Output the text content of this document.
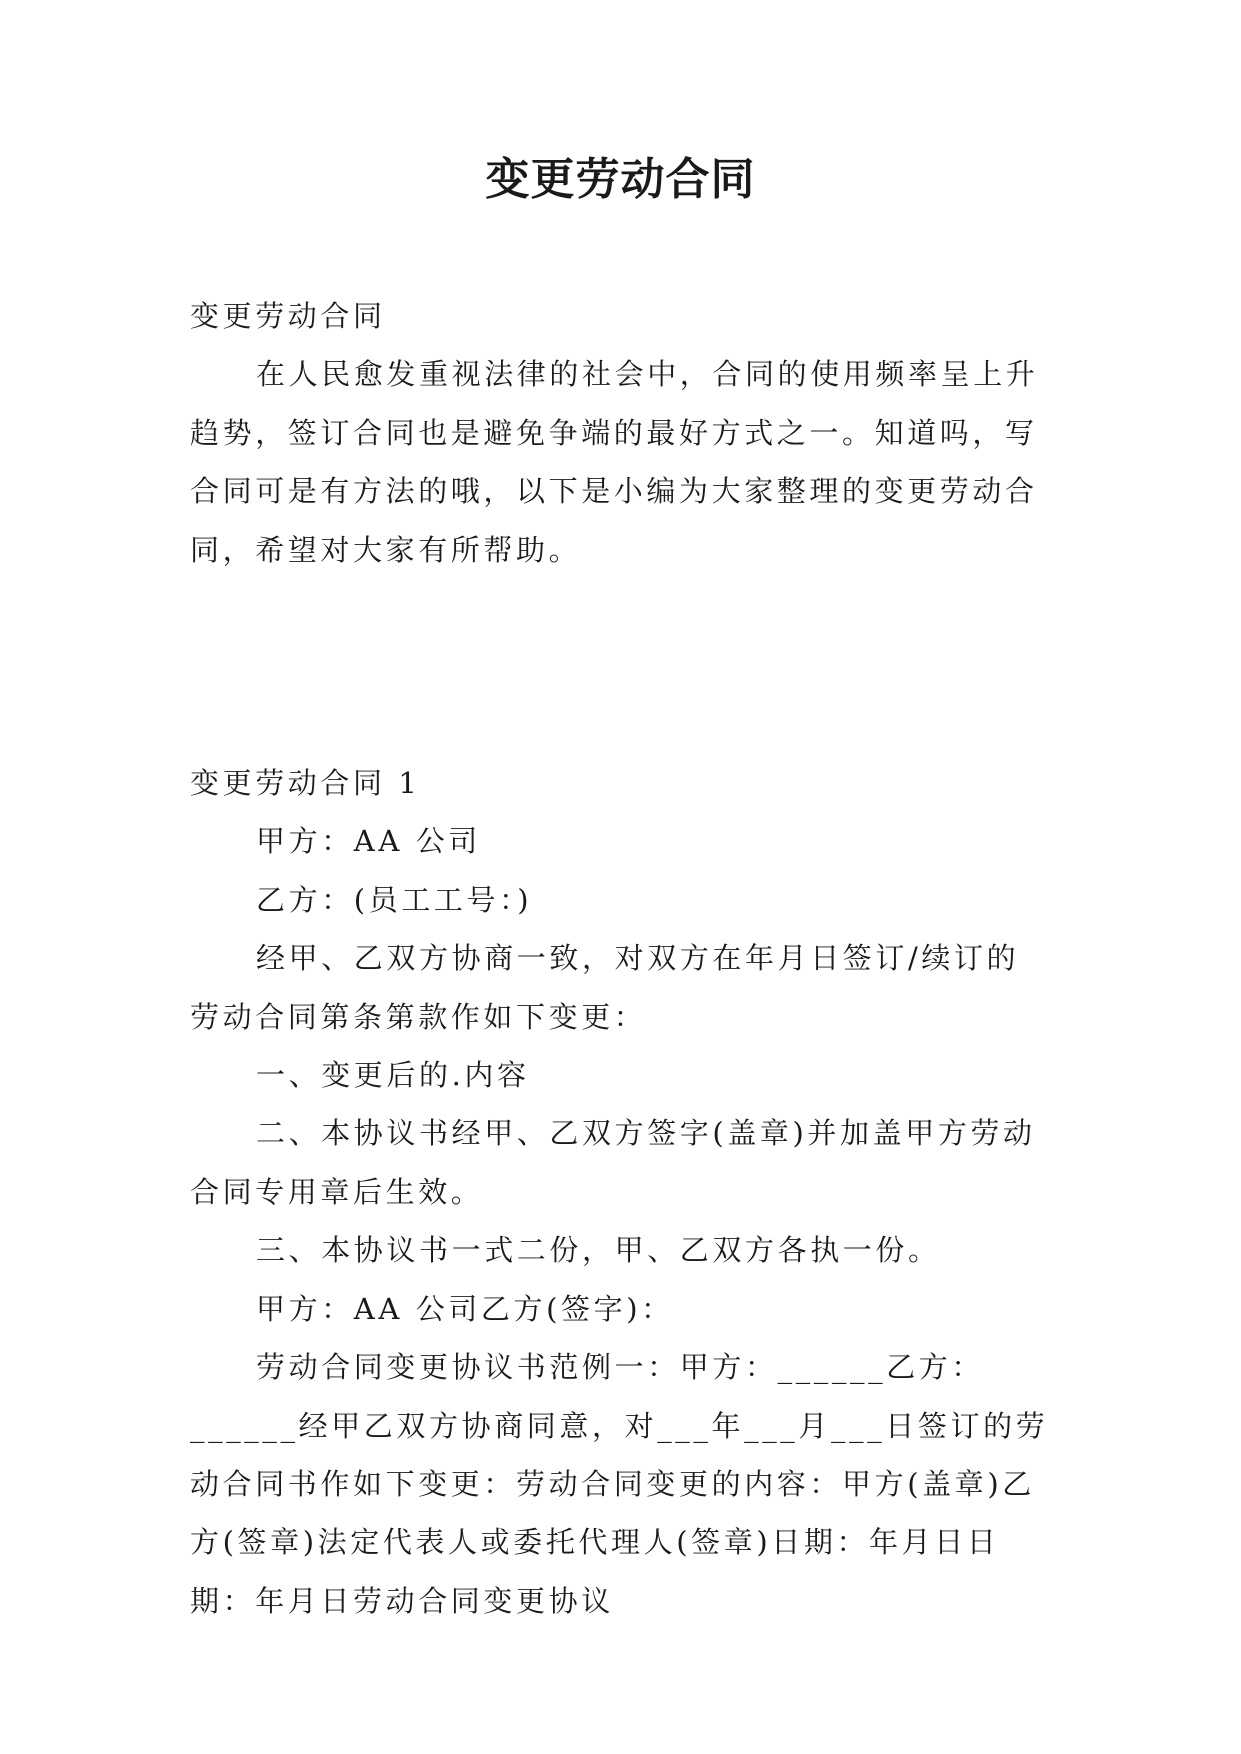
变更劳动合同

变更劳动合同

在人民愈发重视法律的社会中，合同的使用频率呈上升趋势，签订合同也是避免争端的最好方式之一。知道吗，写合同可是有方法的哦，以下是小编为大家整理的变更劳动合同，希望对大家有所帮助。

变更劳动合同 1

甲方：AA 公司

乙方：(员工工号：)

经甲、乙双方协商一致，对双方在年月日签订/续订的劳动合同第条第款作如下变更：

一、变更后的.内容

二、本协议书经甲、乙双方签字(盖章)并加盖甲方劳动合同专用章后生效。

三、本协议书一式二份，甲、乙双方各执一份。

甲方：AA 公司乙方(签字)：

劳动合同变更协议书范例一：甲方：______乙方：______经甲乙双方协商同意，对___年___月___日签订的劳动合同书作如下变更：劳动合同变更的内容：甲方(盖章)乙方(签章)法定代表人或委托代理人(签章)日期：年月日日期：年月日劳动合同变更协议
